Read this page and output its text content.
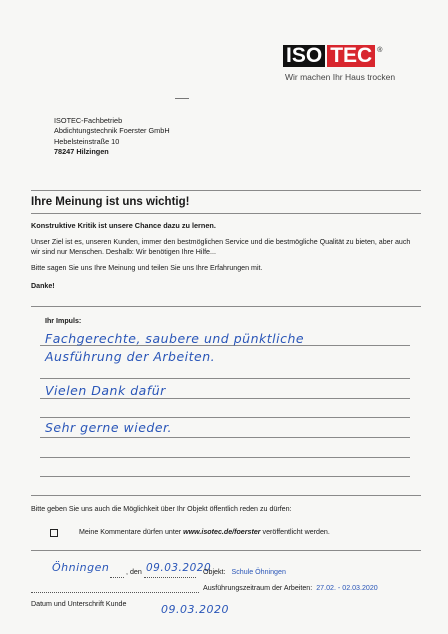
ISO TEC ®
Wir machen Ihr Haus trocken
ISOTEC-Fachbetrieb
Abdichtungstechnik Foerster GmbH
Hebelsteinstraße 10
78247 Hilzingen
Ihre Meinung ist uns wichtig!
Konstruktive Kritik ist unsere Chance dazu zu lernen.
Unser Ziel ist es, unseren Kunden, immer den bestmöglichen Service und die bestmögliche Qualität zu bieten, aber auch wir sind nur Menschen. Deshalb: Wir benötigen Ihre Hilfe...
Bitte sagen Sie uns Ihre Meinung und teilen Sie uns Ihre Erfahrungen mit.
Danke!
Ihr Impuls:
Fachgerechte, saubere und pünktliche
Ausführung der Arbeiten.
Vielen Dank dafür
Sehr gerne wieder.
Bitte geben Sie uns auch die Möglichkeit über Ihr Objekt öffentlich reden zu dürfen:
Meine Kommentare dürfen unter www.isotec.de/foerster veröffentlicht werden.
Öhningen , den 09.03.2020
Objekt: Schule Öhningen
Ausführungszeitraum der Arbeiten: 27.02. - 02.03.2020
Datum und Unterschrift Kunde	09.03.2020
